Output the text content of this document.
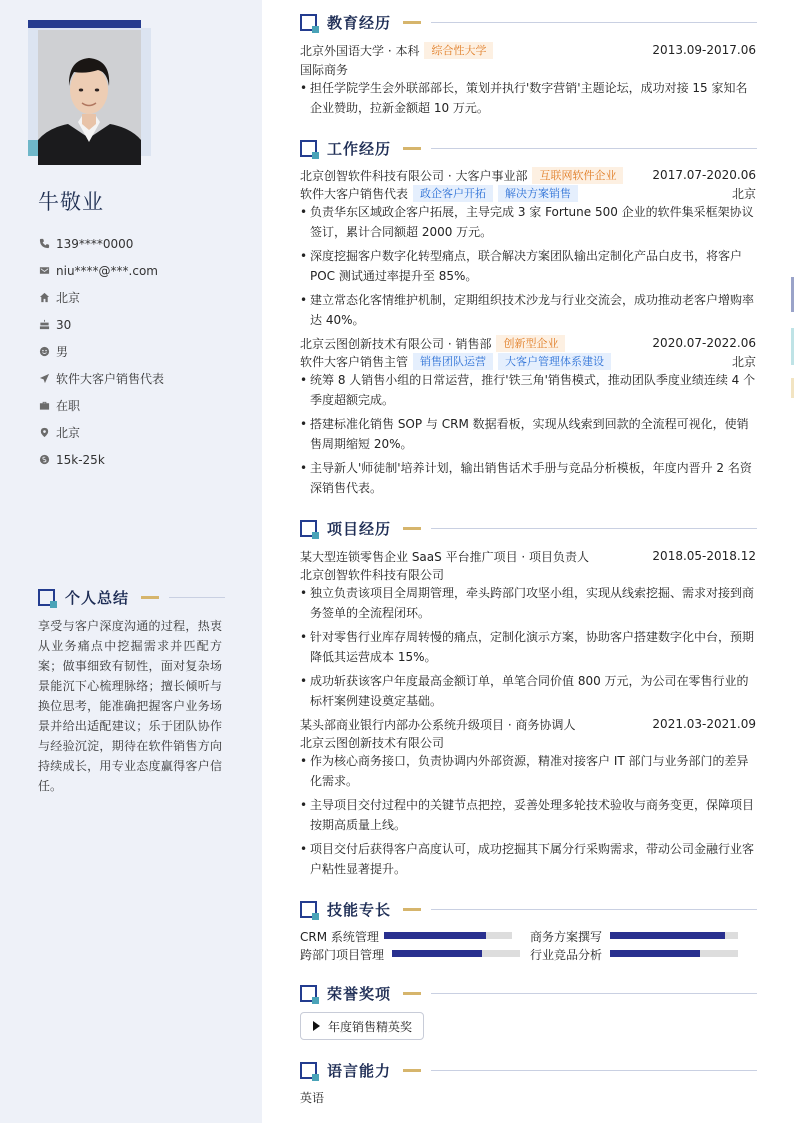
牛敬业
139****0000
niu****@***.com
北京
30
男
软件大客户销售代表
在职
北京
15k-25k
个人总结
享受与客户深度沟通的过程，热衷从业务痛点中挖掘需求并匹配方案；做事细致有韧性，面对复杂场景能沉下心梳理脉络；擅长倾听与换位思考，能准确把握客户业务场景并给出适配建议；乐于团队协作与经验沉淀，期待在软件销售方向持续成长，用专业态度赢得客户信任。
教育经历
北京外国语大学 · 本科	综合性大学	2013.09-2017.06
国际商务
• 担任学院学生会外联部部长，策划并执行'数字营销'主题论坛，成功对接 15 家知名企业赞助，拉新金额超 10 万元。
工作经历
北京创智软件科技有限公司 · 大客户事业部	互联网软件企业	2017.07-2020.06
软件大客户销售代表	政企客户开拓	解决方案销售	北京
• 负责华东区域政企客户拓展，主导完成 3 家 Fortune 500 企业的软件集采框架协议签订，累计合同额超 2000 万元。
• 深度挖掘客户数字化转型痛点，联合解决方案团队输出定制化产品白皮书，将客户 POC 测试通过率提升至 85%。
• 建立常态化客情维护机制，定期组织技术沙龙与行业交流会，成功推动老客户增购率达 40%。
北京云图创新技术有限公司 · 销售部	创新型企业	2020.07-2022.06
软件大客户销售主管	销售团队运营	大客户管理体系建设	北京
• 统筹 8 人销售小组的日常运营，推行'铁三角'销售模式，推动团队季度业绩连续 4 个季度超额完成。
• 搭建标准化销售 SOP 与 CRM 数据看板，实现从线索到回款的全流程可视化，使销售周期缩短 20%。
• 主导新人'师徒制'培养计划，输出销售话术手册与竞品分析模板，年度内晋升 2 名资深销售代表。
项目经历
某大型连锁零售企业 SaaS 平台推广项目 · 项目负责人	2018.05-2018.12
北京创智软件科技有限公司
• 独立负责该项目全周期管理，牵头跨部门攻坚小组，实现从线索挖掘、需求对接到商务签单的全流程闭环。
• 针对零售行业库存周转慢的痛点，定制化演示方案，协助客户搭建数字化中台，预期降低其运营成本 15%。
• 成功斩获该客户年度最高金额订单，单笔合同价值 800 万元，为公司在零售行业的标杆案例建设奠定基础。
某头部商业银行内部办公系统升级项目 · 商务协调人	2021.03-2021.09
北京云图创新技术有限公司
• 作为核心商务接口，负责协调内外部资源，精准对接客户 IT 部门与业务部门的差异化需求。
• 主导项目交付过程中的关键节点把控，妥善处理多轮技术验收与商务变更，保障项目按期高质量上线。
• 项目交付后获得客户高度认可，成功挖掘其下属分行采购需求，带动公司金融行业客户粘性显著提升。
技能专长
CRM 系统管理	商务方案撰写
跨部门项目管理	行业竞品分析
荣誉奖项
年度销售精英奖
语言能力
英语
